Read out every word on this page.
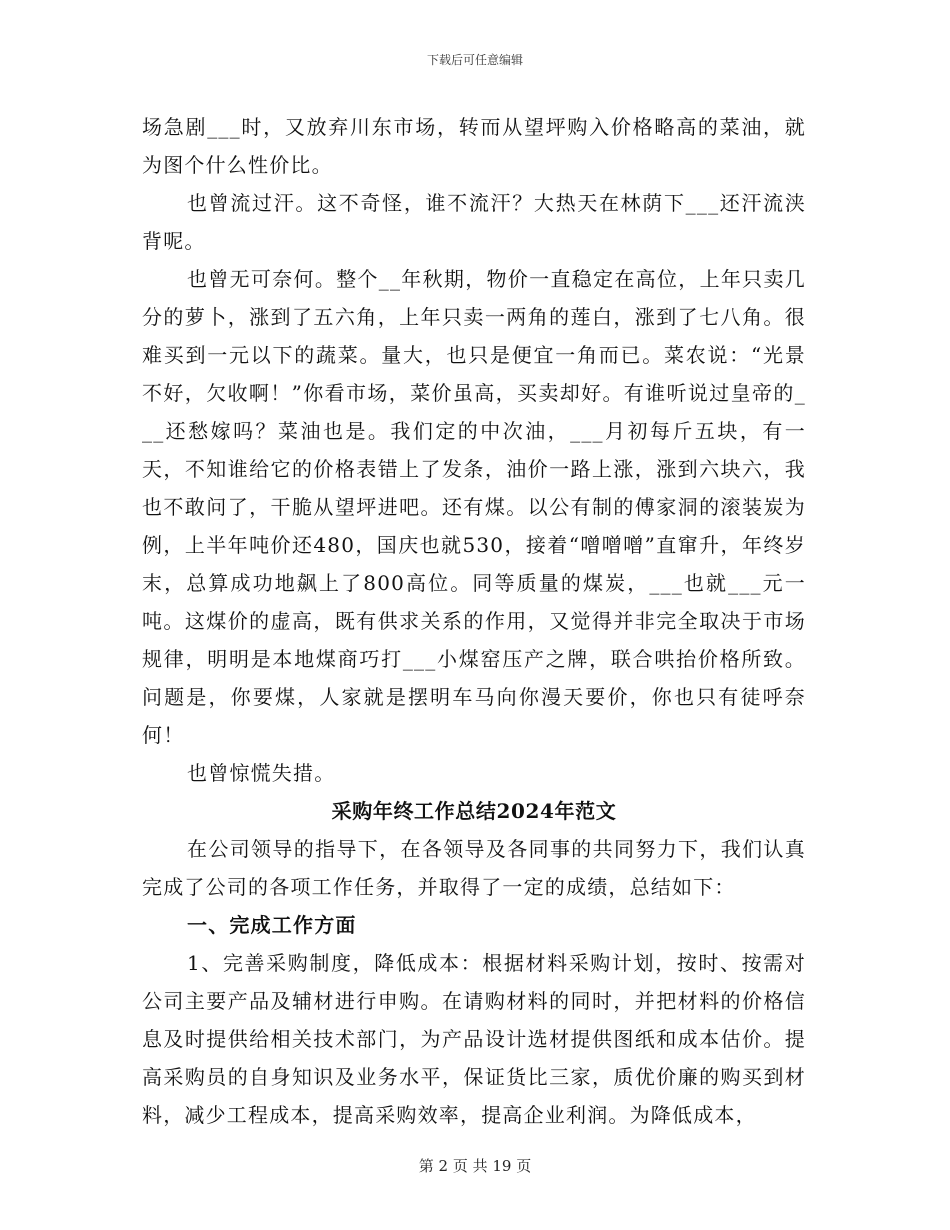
下载后可任意编辑

场急剧___时，又放弃川东市场，转而从望坪购入价格略高的菜油，就为图个什么性价比。

也曾流过汗。这不奇怪，谁不流汗？大热天在林荫下___还汗流浃背呢。

也曾无可奈何。整个__年秋期，物价一直稳定在高位，上年只卖几分的萝卜，涨到了五六角，上年只卖一两角的莲白，涨到了七八角。很难买到一元以下的蔬菜。量大，也只是便宜一角而已。菜农说：“光景不好，欠收啊！”你看市场，菜价虽高，买卖却好。有谁听说过皇帝的___还愁嫁吗？菜油也是。我们定的中次油，___月初每斤五块，有一天，不知谁给它的价格表错上了发条，油价一路上涨，涨到六块六，我也不敢问了，干脆从望坪进吧。还有煤。以公有制的傅家洞的滚装炭为例，上半年吨价还480，国庆也就530，接着“噌噌噌”直窜升，年终岁末，总算成功地飙上了800高位。同等质量的煤炭，___也就___元一吨。这煤价的虚高，既有供求关系的作用，又觉得并非完全取决于市场规律，明明是本地煤商巧打___小煤窑压产之牌，联合哄抬价格所致。问题是，你要煤，人家就是摆明车马向你漫天要价，你也只有徒呼奈何！

也曾惊慌失措。

采购年终工作总结2024年范文

在公司领导的指导下，在各领导及各同事的共同努力下，我们认真完成了公司的各项工作任务，并取得了一定的成绩，总结如下：

一、完成工作方面

1、完善采购制度，降低成本：根据材料采购计划，按时、按需对公司主要产品及辅材进行申购。在请购材料的同时，并把材料的价格信息及时提供给相关技术部门，为产品设计选材提供图纸和成本估价。提高采购员的自身知识及业务水平，保证货比三家，质优价廉的购买到材料，减少工程成本，提高采购效率，提高企业利润。为降低成本，

第 2 页 共 19 页
